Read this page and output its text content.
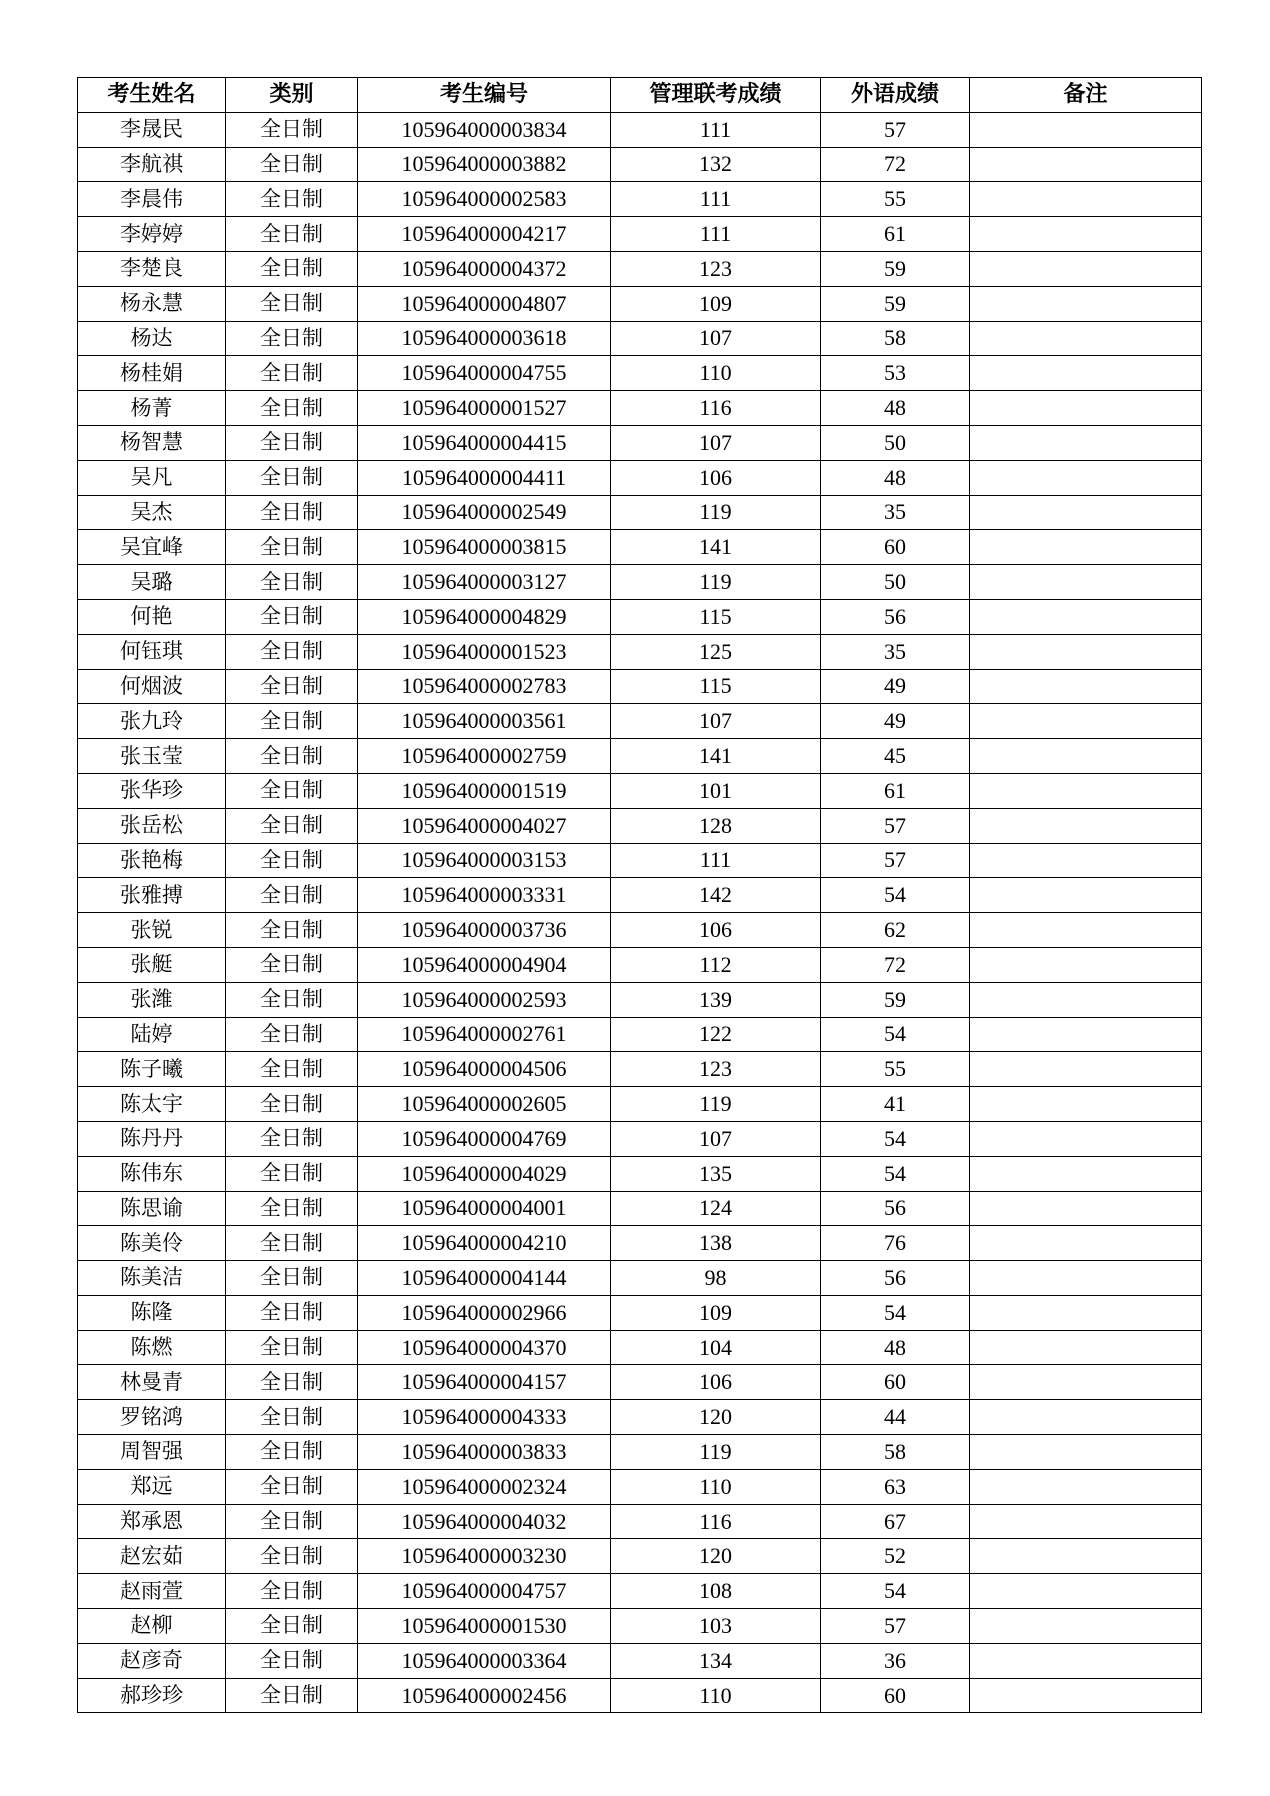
考生姓名	类别	考生编号	管理联考成绩	外语成绩	备注
李晟民	全日制	105964000003834	111	57	
李航祺	全日制	105964000003882	132	72	
李晨伟	全日制	105964000002583	111	55	
李婷婷	全日制	105964000004217	111	61	
李楚良	全日制	105964000004372	123	59	
杨永慧	全日制	105964000004807	109	59	
杨达	全日制	105964000003618	107	58	
杨桂娟	全日制	105964000004755	110	53	
杨菁	全日制	105964000001527	116	48	
杨智慧	全日制	105964000004415	107	50	
吴凡	全日制	105964000004411	106	48	
吴杰	全日制	105964000002549	119	35	
吴宜峰	全日制	105964000003815	141	60	
吴璐	全日制	105964000003127	119	50	
何艳	全日制	105964000004829	115	56	
何钰琪	全日制	105964000001523	125	35	
何烟波	全日制	105964000002783	115	49	
张九玲	全日制	105964000003561	107	49	
张玉莹	全日制	105964000002759	141	45	
张华珍	全日制	105964000001519	101	61	
张岳松	全日制	105964000004027	128	57	
张艳梅	全日制	105964000003153	111	57	
张雅搏	全日制	105964000003331	142	54	
张锐	全日制	105964000003736	106	62	
张艇	全日制	105964000004904	112	72	
张潍	全日制	105964000002593	139	59	
陆婷	全日制	105964000002761	122	54	
陈子曦	全日制	105964000004506	123	55	
陈太宇	全日制	105964000002605	119	41	
陈丹丹	全日制	105964000004769	107	54	
陈伟东	全日制	105964000004029	135	54	
陈思谕	全日制	105964000004001	124	56	
陈美伶	全日制	105964000004210	138	76	
陈美洁	全日制	105964000004144	98	56	
陈隆	全日制	105964000002966	109	54	
陈燃	全日制	105964000004370	104	48	
林曼青	全日制	105964000004157	106	60	
罗铭鸿	全日制	105964000004333	120	44	
周智强	全日制	105964000003833	119	58	
郑远	全日制	105964000002324	110	63	
郑承恩	全日制	105964000004032	116	67	
赵宏茹	全日制	105964000003230	120	52	
赵雨萱	全日制	105964000004757	108	54	
赵柳	全日制	105964000001530	103	57	
赵彦奇	全日制	105964000003364	134	36	
郝珍珍	全日制	105964000002456	110	60	
